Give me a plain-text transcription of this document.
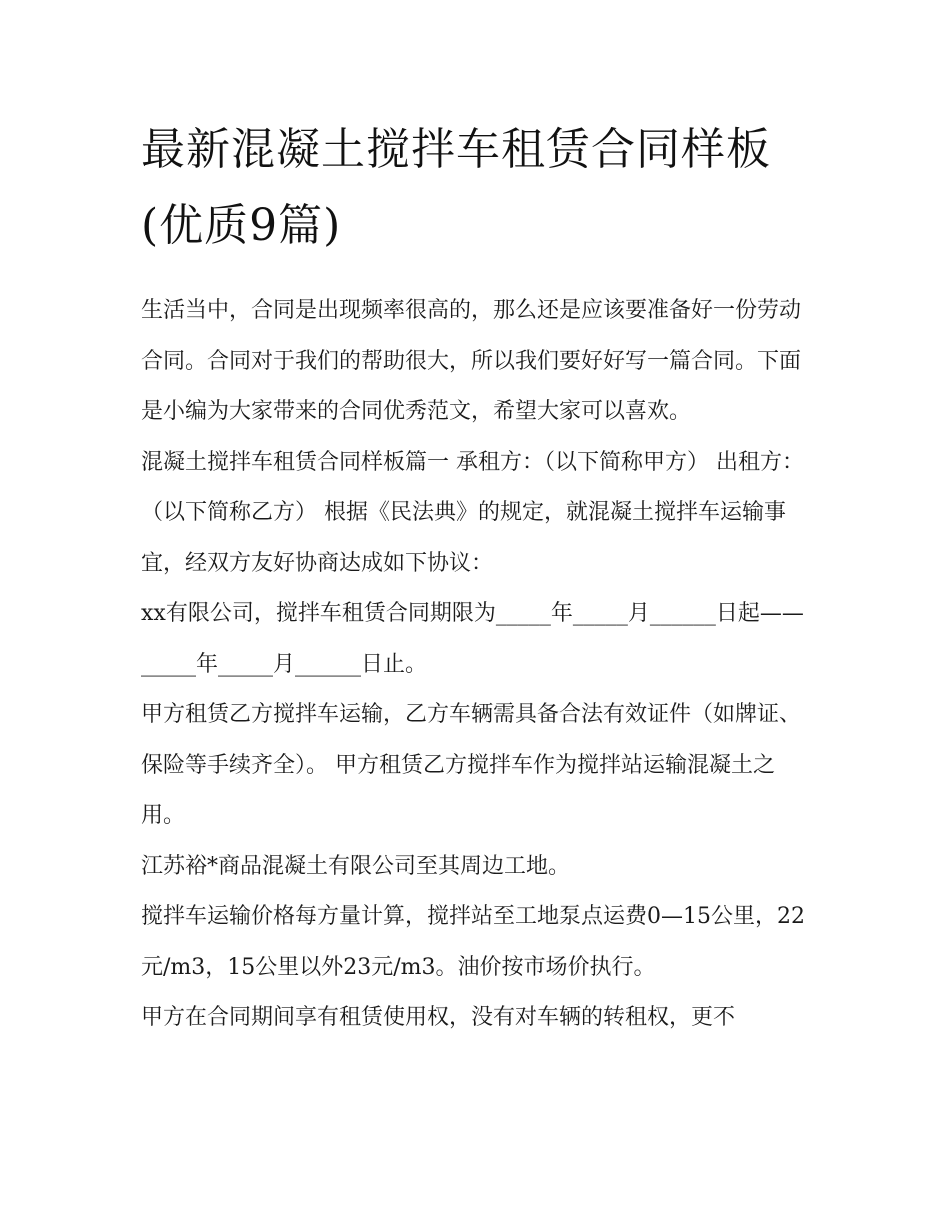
最新混凝土搅拌车租赁合同样板(优质9篇)

生活当中，合同是出现频率很高的，那么还是应该要准备好一份劳动合同。合同对于我们的帮助很大，所以我们要好好写一篇合同。下面是小编为大家带来的合同优秀范文，希望大家可以喜欢。

混凝土搅拌车租赁合同样板篇一 承租方：（以下简称甲方） 出租方：（以下简称乙方） 根据《民法典》的规定，就混凝土搅拌车运输事宜，经双方友好协商达成如下协议：

xx有限公司，搅拌车租赁合同期限为_____年_____月______日起——_____年_____月______日止。

甲方租赁乙方搅拌车运输，乙方车辆需具备合法有效证件（如牌证、保险等手续齐全）。 甲方租赁乙方搅拌车作为搅拌站运输混凝土之用。

江苏裕*商品混凝土有限公司至其周边工地。

搅拌车运输价格每方量计算，搅拌站至工地泵点运费0—15公里，22元/m3，15公里以外23元/m3。油价按市场价执行。

甲方在合同期间享有租赁使用权，没有对车辆的转租权，更不
